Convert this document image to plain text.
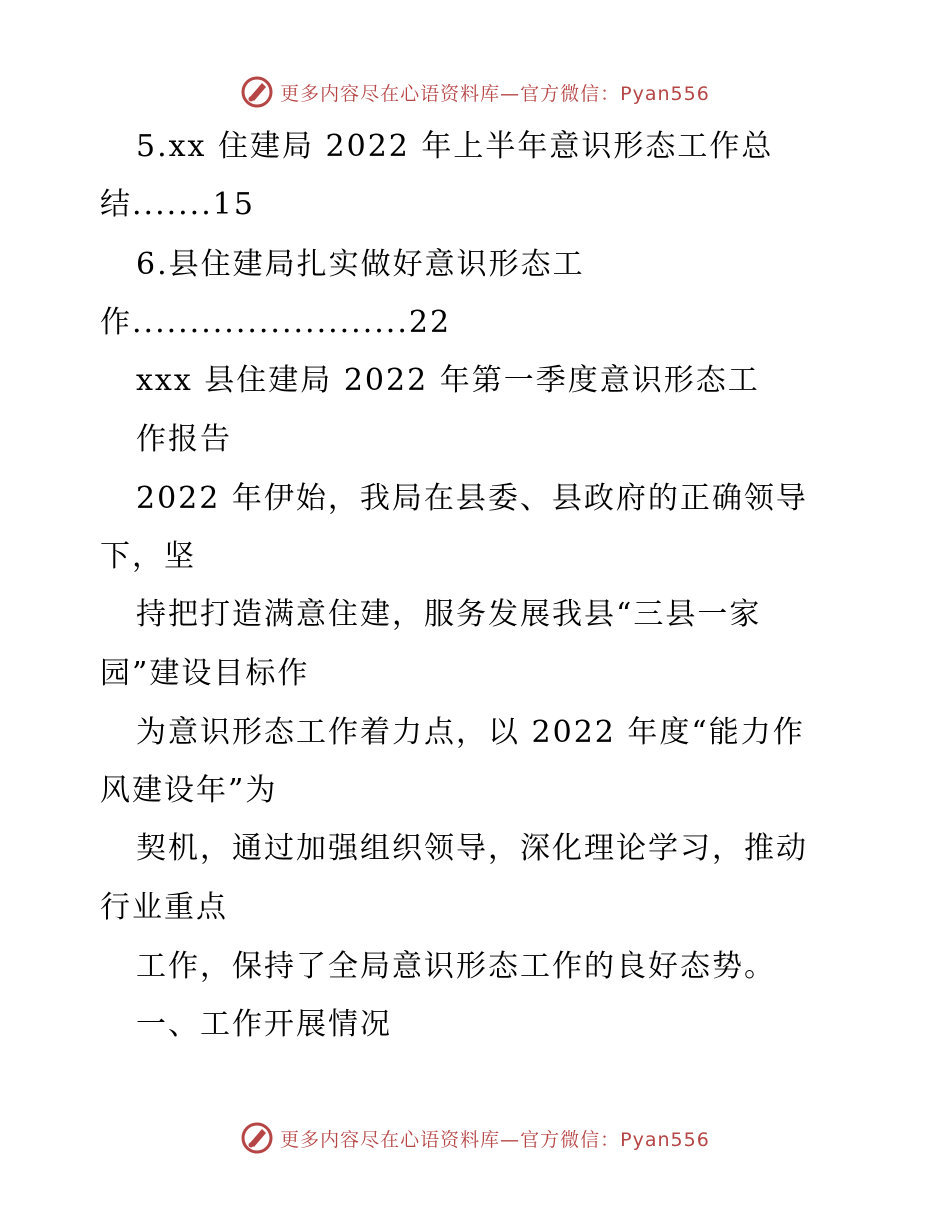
更多内容尽在心语资料库—官方微信：Pyan556
5.xx 住建局 2022 年上半年意识形态工作总
结.......15
6.县住建局扎实做好意识形态工
作........................22
xxx 县住建局 2022 年第一季度意识形态工
作报告
2022 年伊始，我局在县委、县政府的正确领导
下，坚
持把打造满意住建，服务发展我县“三县一家
园”建设目标作
为意识形态工作着力点，以 2022 年度“能力作
风建设年”为
契机，通过加强组织领导，深化理论学习，推动
行业重点
工作，保持了全局意识形态工作的良好态势。
一、工作开展情况
更多内容尽在心语资料库—官方微信：Pyan556
